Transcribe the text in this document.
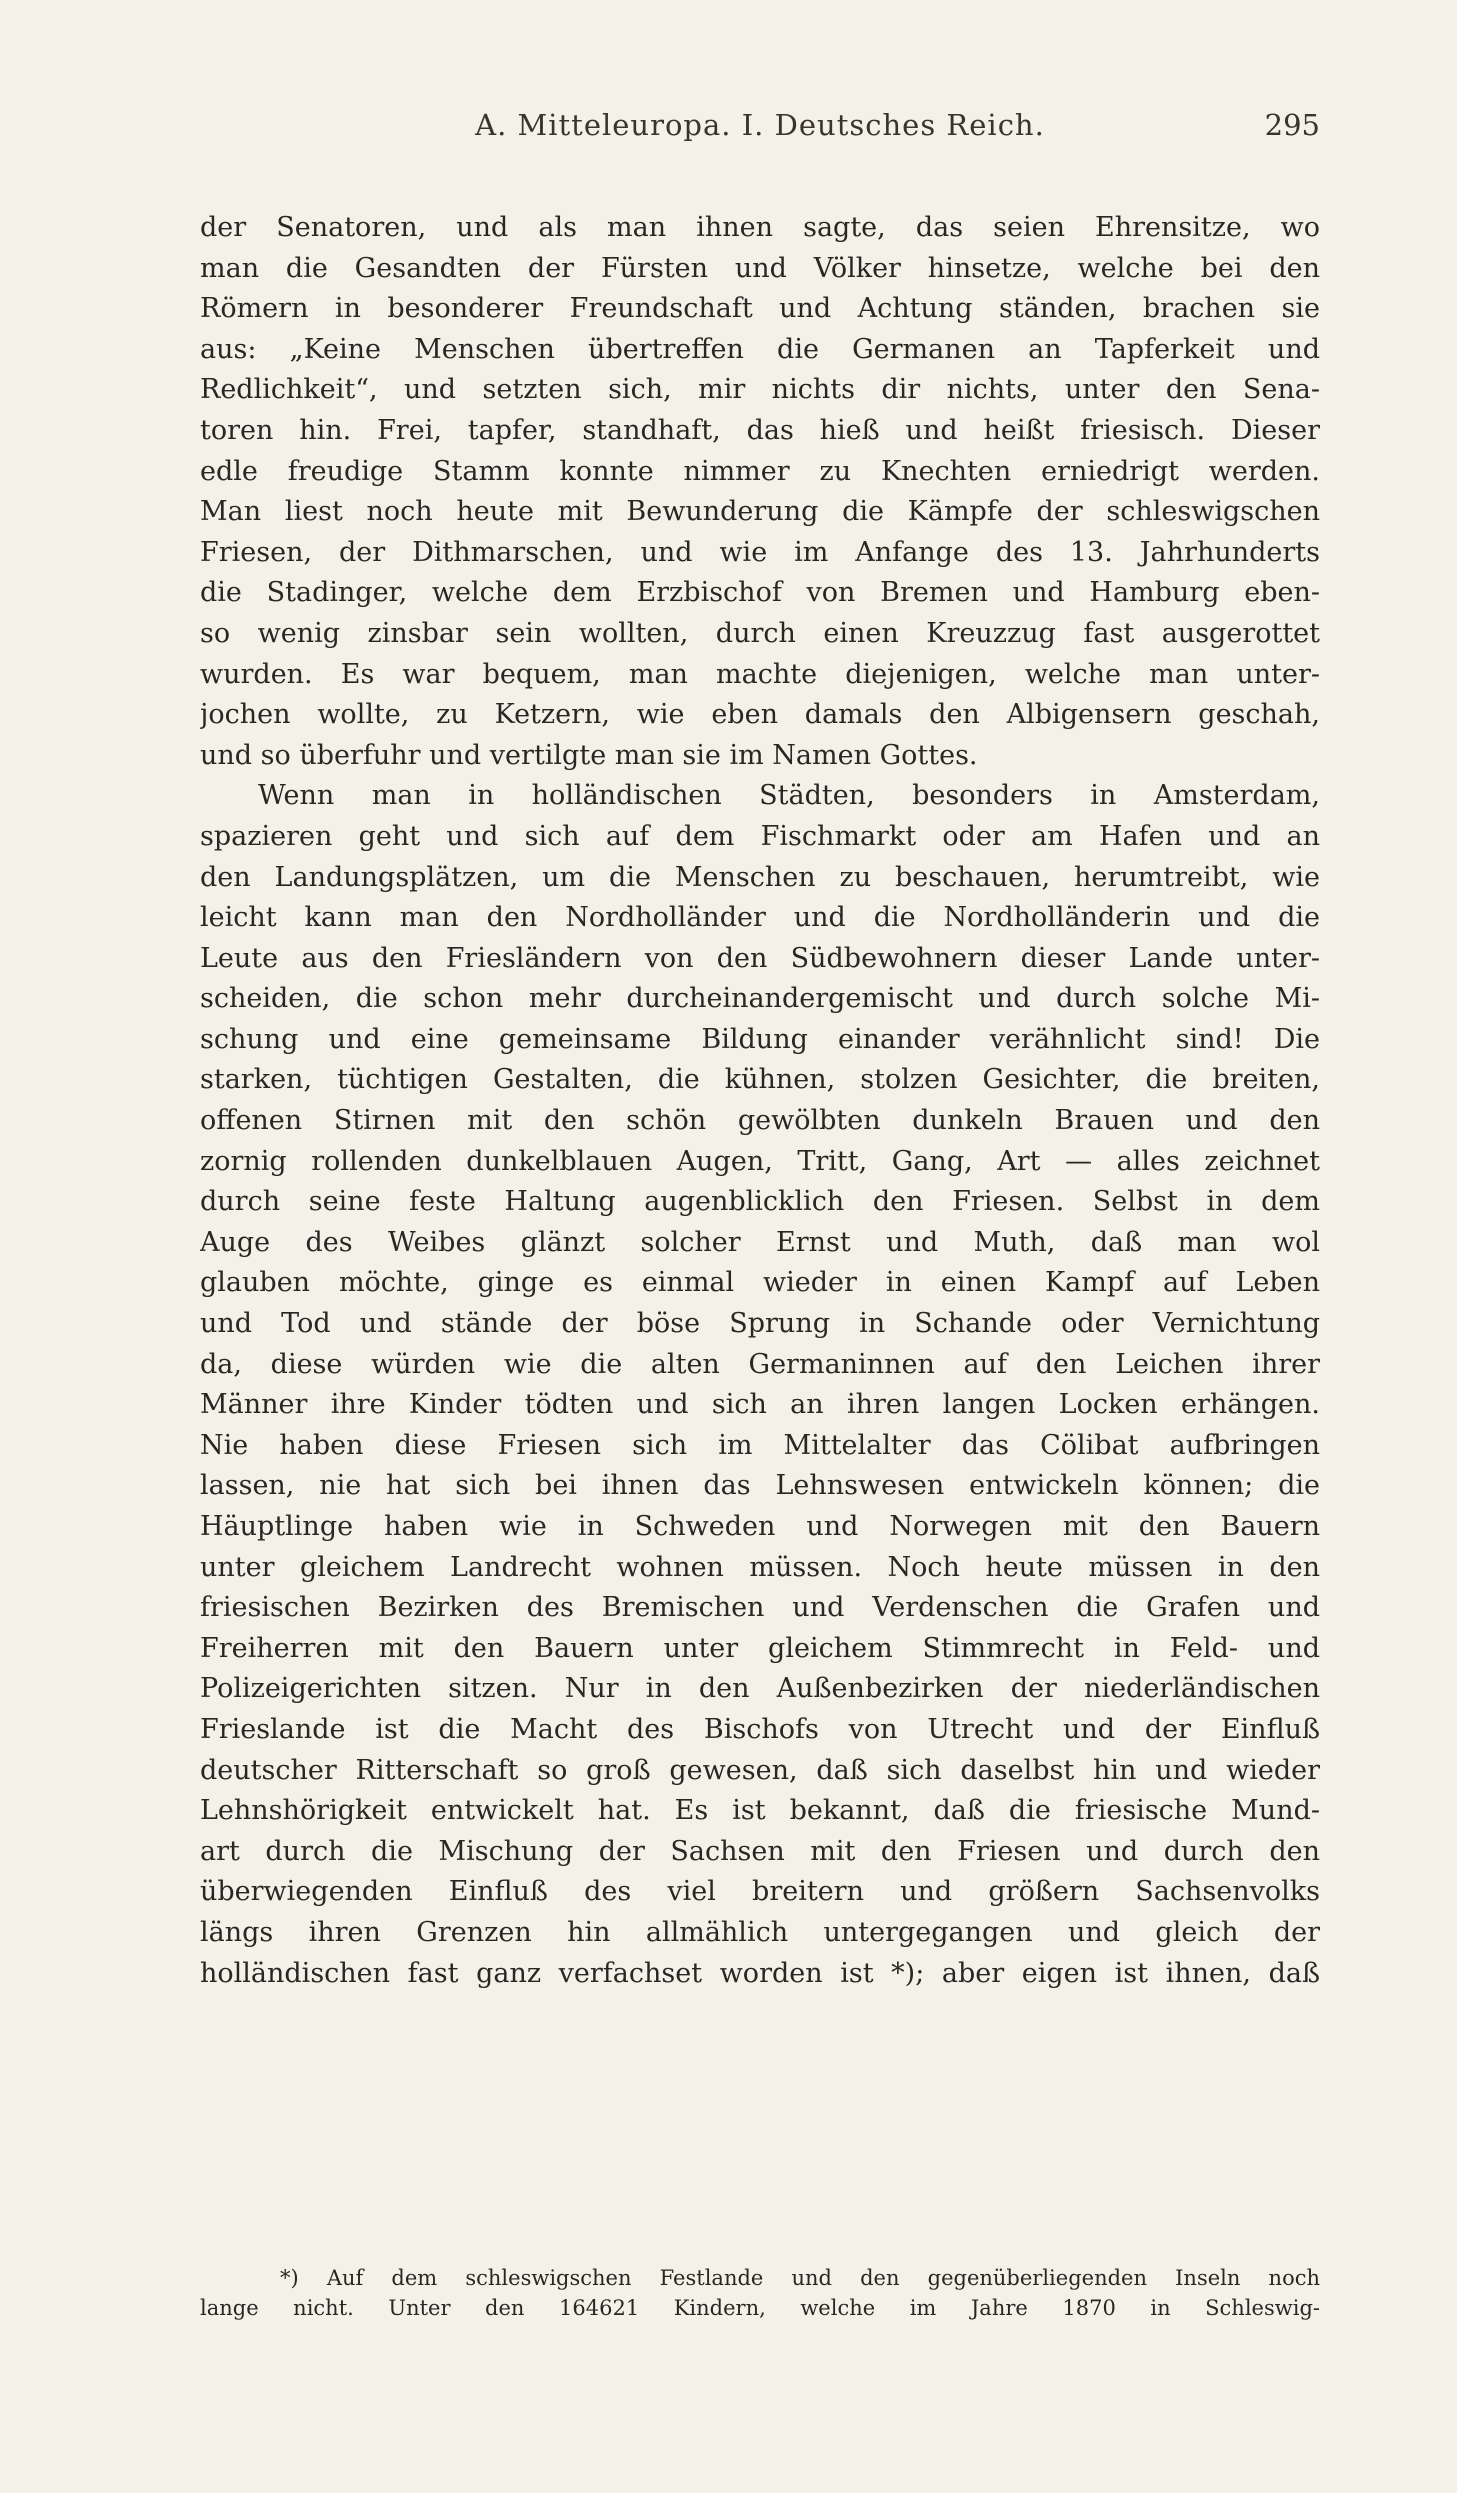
A. Mitteleuropa. I. Deutsches Reich.	295
der Senatoren, und als man ihnen sagte, das seien Ehrensitze, wo
man die Gesandten der Fürsten und Völker hinsetze, welche bei den
Römern in besonderer Freundschaft und Achtung ständen, brachen sie
aus: „Keine Menschen übertreffen die Germanen an Tapferkeit und
Redlichkeit“, und setzten sich, mir nichts dir nichts, unter den Sena-
toren hin. Frei, tapfer, standhaft, das hieß und heißt friesisch. Dieser
edle freudige Stamm konnte nimmer zu Knechten erniedrigt werden.
Man liest noch heute mit Bewunderung die Kämpfe der schleswigschen
Friesen, der Dithmarschen, und wie im Anfange des 13. Jahrhunderts
die Stadinger, welche dem Erzbischof von Bremen und Hamburg eben-
so wenig zinsbar sein wollten, durch einen Kreuzzug fast ausgerottet
wurden. Es war bequem, man machte diejenigen, welche man unter-
jochen wollte, zu Ketzern, wie eben damals den Albigensern geschah,
und so überfuhr und vertilgte man sie im Namen Gottes.
Wenn man in holländischen Städten, besonders in Amsterdam,
spazieren geht und sich auf dem Fischmarkt oder am Hafen und an
den Landungsplätzen, um die Menschen zu beschauen, herumtreibt, wie
leicht kann man den Nordholländer und die Nordholländerin und die
Leute aus den Friesländern von den Südbewohnern dieser Lande unter-
scheiden, die schon mehr durcheinandergemischt und durch solche Mi-
schung und eine gemeinsame Bildung einander verähnlicht sind! Die
starken, tüchtigen Gestalten, die kühnen, stolzen Gesichter, die breiten,
offenen Stirnen mit den schön gewölbten dunkeln Brauen und den
zornig rollenden dunkelblauen Augen, Tritt, Gang, Art — alles zeichnet
durch seine feste Haltung augenblicklich den Friesen. Selbst in dem
Auge des Weibes glänzt solcher Ernst und Muth, daß man wol
glauben möchte, ginge es einmal wieder in einen Kampf auf Leben
und Tod und stände der böse Sprung in Schande oder Vernichtung
da, diese würden wie die alten Germaninnen auf den Leichen ihrer
Männer ihre Kinder tödten und sich an ihren langen Locken erhängen.
Nie haben diese Friesen sich im Mittelalter das Cölibat aufbringen
lassen, nie hat sich bei ihnen das Lehnswesen entwickeln können; die
Häuptlinge haben wie in Schweden und Norwegen mit den Bauern
unter gleichem Landrecht wohnen müssen. Noch heute müssen in den
friesischen Bezirken des Bremischen und Verdenschen die Grafen und
Freiherren mit den Bauern unter gleichem Stimmrecht in Feld- und
Polizeigerichten sitzen. Nur in den Außenbezirken der niederländischen
Frieslande ist die Macht des Bischofs von Utrecht und der Einfluß
deutscher Ritterschaft so groß gewesen, daß sich daselbst hin und wieder
Lehnshörigkeit entwickelt hat. Es ist bekannt, daß die friesische Mund-
art durch die Mischung der Sachsen mit den Friesen und durch den
überwiegenden Einfluß des viel breitern und größern Sachsenvolks
längs ihren Grenzen hin allmählich untergegangen und gleich der
holländischen fast ganz verfachset worden ist *); aber eigen ist ihnen, daß
*) Auf dem schleswigschen Festlande und den gegenüberliegenden Inseln noch
lange nicht. Unter den 164621 Kindern, welche im Jahre 1870 in Schleswig-
